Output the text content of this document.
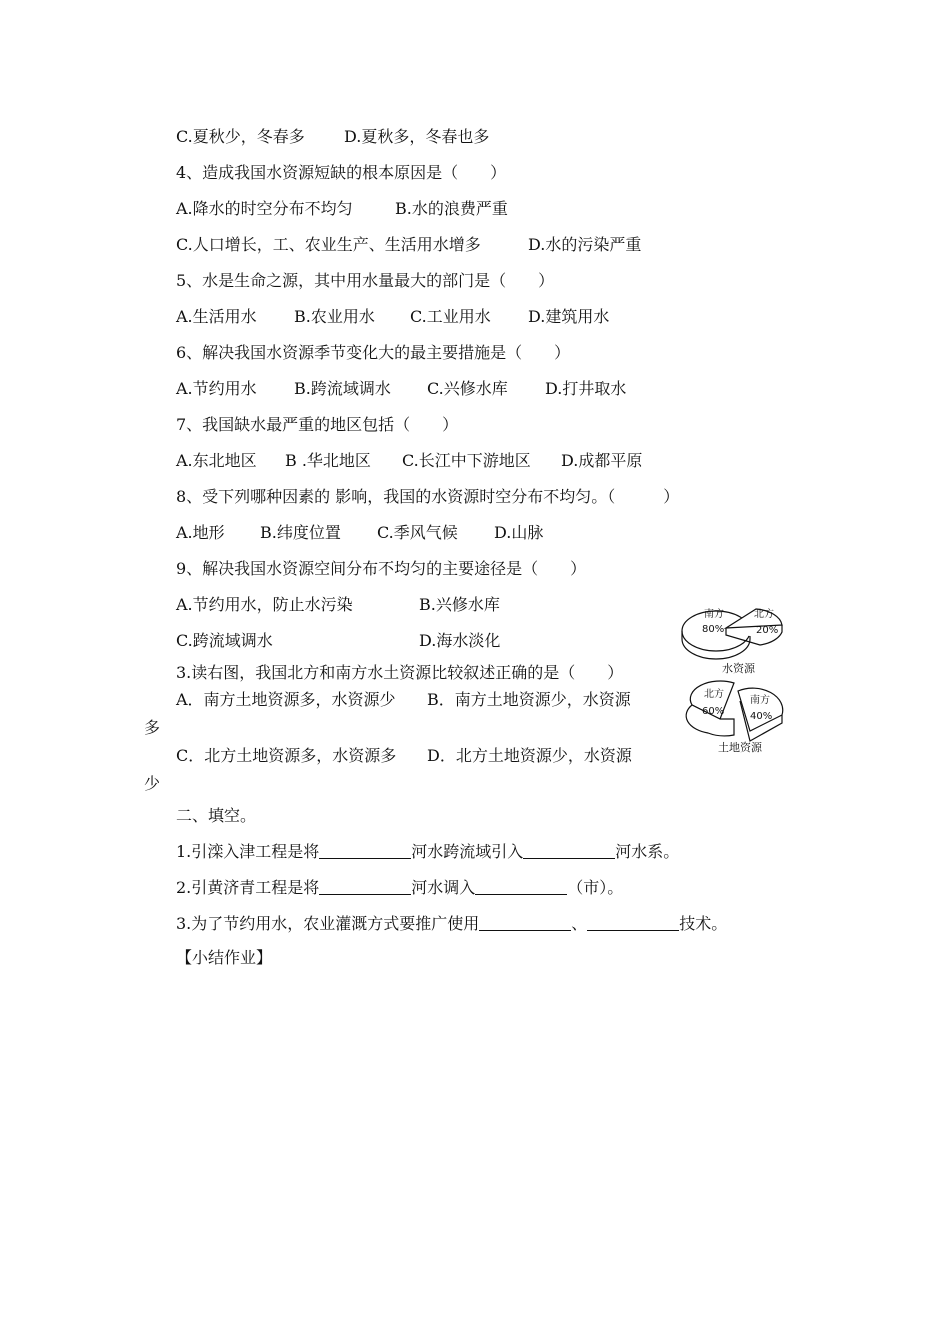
C.夏秋少，冬春多 D.夏秋多，冬春也多
4、造成我国水资源短缺的根本原因是（　　）
A.降水的时空分布不均匀	B.水的浪费严重
C.人口增长，工、农业生产、生活用水增多	D.水的污染严重
5、水是生命之源，其中用水量最大的部门是（　　）
A.生活用水 B.农业用水 C.工业用水 D.建筑用水
6、解决我国水资源季节变化大的最主要措施是（　　）
A.节约用水 B.跨流域调水 C.兴修水库 D.打井取水
7、我国缺水最严重的地区包括（　　）
A.东北地区 B .华北地区 C.长江中下游地区 D.成都平原
8、受下列哪种因素的 影响，我国的水资源时空分布不均匀。（　　　）
A.地形 B.纬度位置 C.季风气候 D.山脉
9、解决我国水资源空间分布不均匀的主要途径是（　　）
A.节约用水，防止水污染	B.兴修水库
C.跨流域调水	D.海水淡化
3.读右图，我国北方和南方水土资源比较叙述正确的是（　　）
A．南方土地资源多，水资源少 B．南方土地资源少，水资源
多
C．北方土地资源多，水资源多 D．北方土地资源少，水资源
少
南方
80%
北方
20%
水资源
北方
60%
南方
40%
土地资源
二、填空。
1.引滦入津工程是将	河水跨流域引入	河水系。
2.引黄济青工程是将	河水调入	（市）。
3.为了节约用水，农业灌溉方式要推广使用	、	技术。
【小结作业】
